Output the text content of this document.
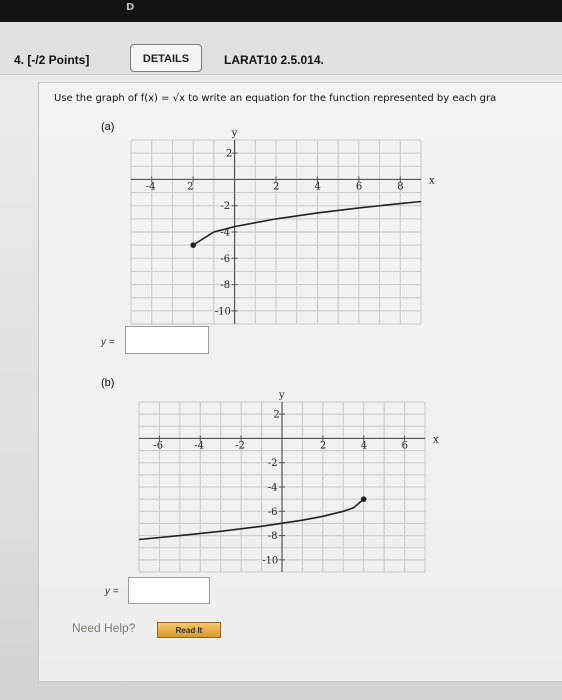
D
4. [-/2 Points]	DETAILS	LARAT10 2.5.014.
Use the graph of f(x) = √x to write an equation for the function represented by each gra
(a)
-4	2	2	4	6	8
2
-2
-4
-6
-8
-10
y
x
y =
(b)
-6	-4	-2	2	4	6
2
-2
-4
-6
-8
-10
y
x
y =
Need Help?	Read It
